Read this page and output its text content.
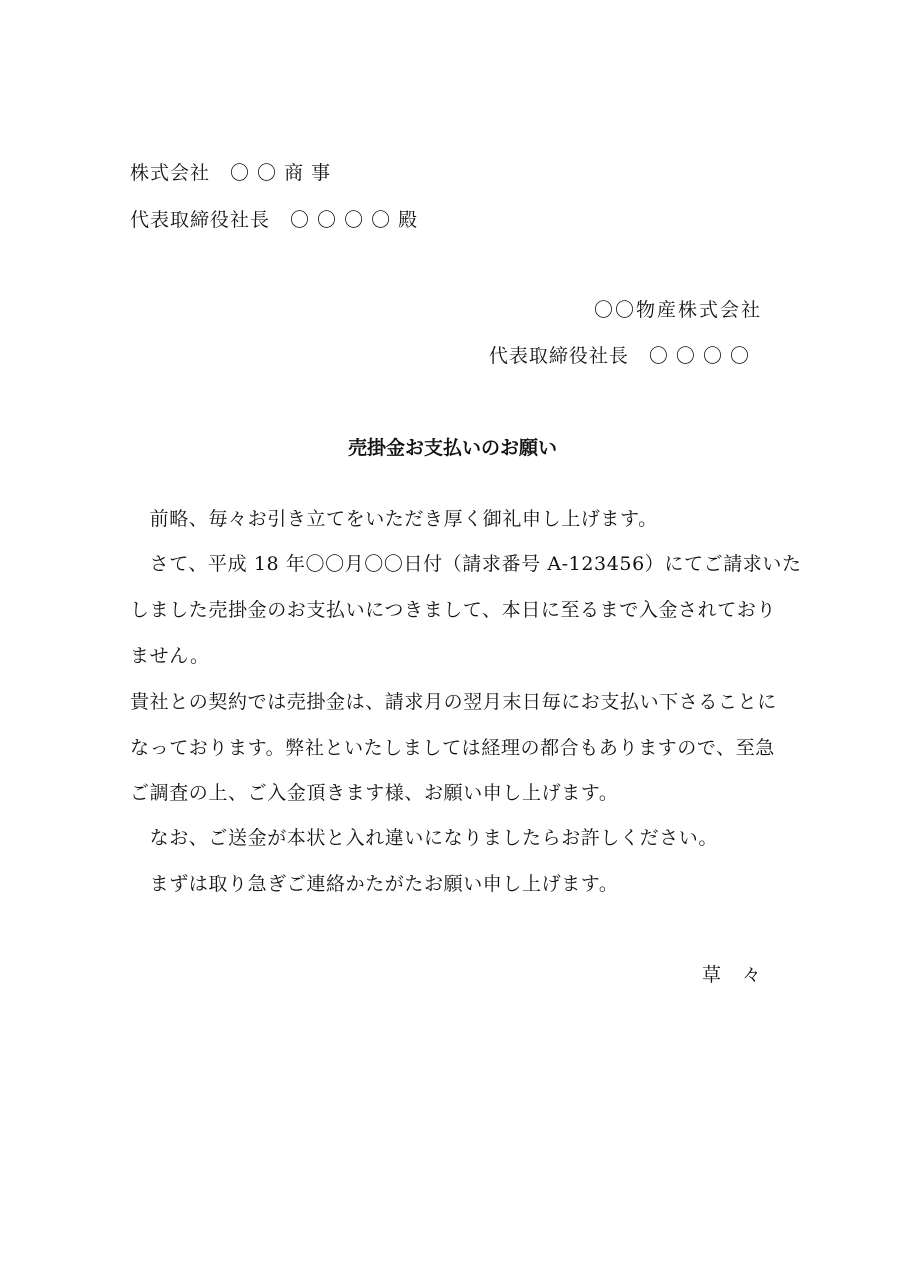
株式会社　〇 〇 商 事
代表取締役社長　〇 〇 〇 〇 殿
〇〇物産株式会社
代表取締役社長　〇 〇 〇 〇
売掛金お支払いのお願い
　前略、毎々お引き立てをいただき厚く御礼申し上げます。
　さて、平成 18 年〇〇月〇〇日付（請求番号 A-123456）にてご請求いた
しました売掛金のお支払いにつきまして、本日に至るまで入金されており
ません。
貴社との契約では売掛金は、請求月の翌月末日毎にお支払い下さることに
なっております。弊社といたしましては経理の都合もありますので、至急
ご調査の上、ご入金頂きます様、お願い申し上げます。
　なお、ご送金が本状と入れ違いになりましたらお許しください。
　まずは取り急ぎご連絡かたがたお願い申し上げます。
草　々
